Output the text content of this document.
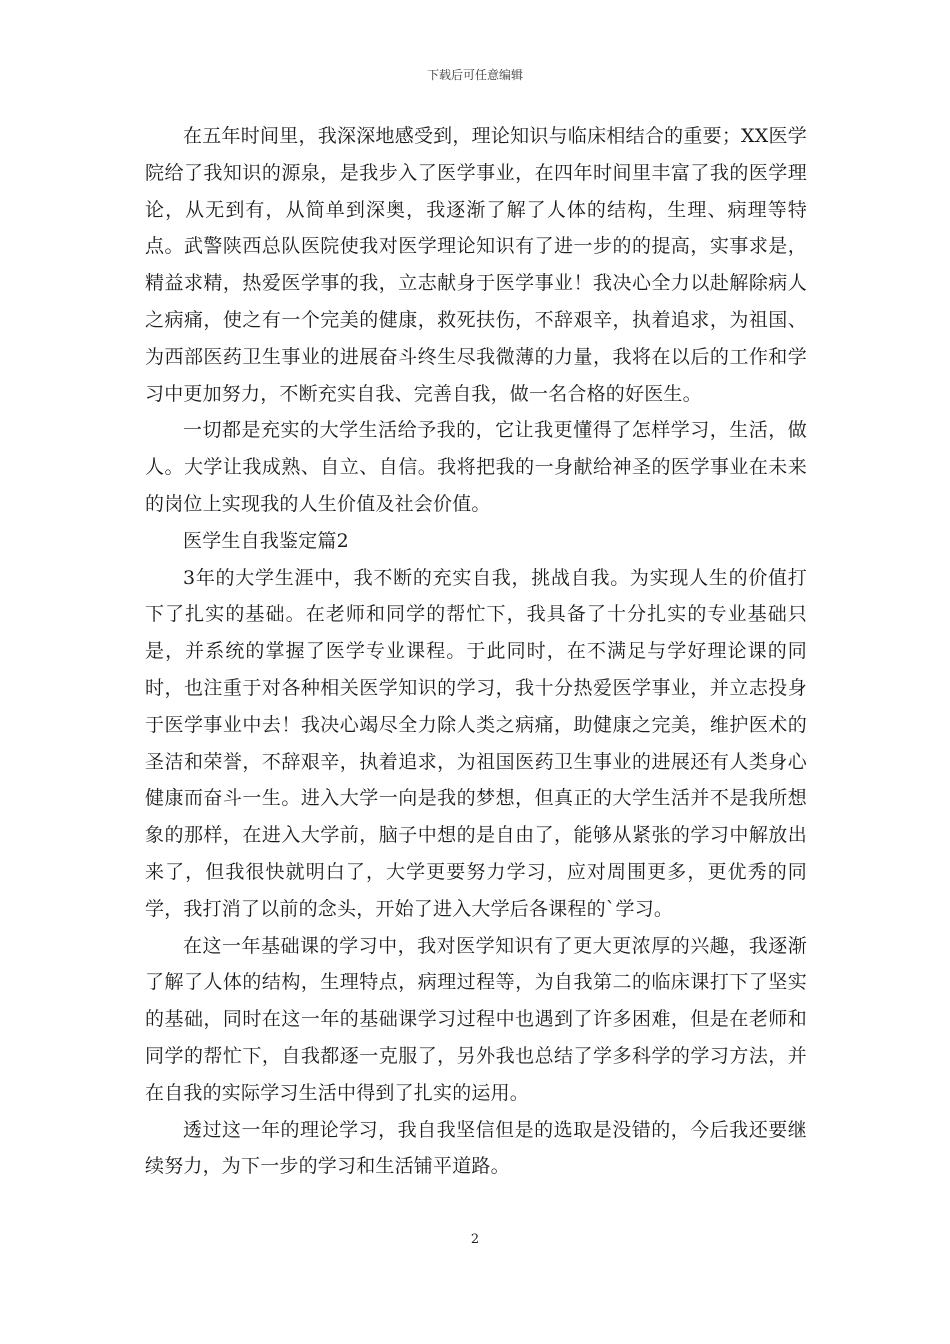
下载后可任意编辑

在五年时间里，我深深地感受到，理论知识与临床相结合的重要；XX医学院给了我知识的源泉，是我步入了医学事业，在四年时间里丰富了我的医学理论，从无到有，从简单到深奥，我逐渐了解了人体的结构，生理、病理等特点。武警陕西总队医院使我对医学理论知识有了进一步的的提高，实事求是，精益求精，热爱医学事的我，立志献身于医学事业！我决心全力以赴解除病人之病痛，使之有一个完美的健康，救死扶伤，不辞艰辛，执着追求，为祖国、为西部医药卫生事业的进展奋斗终生尽我微薄的力量，我将在以后的工作和学习中更加努力，不断充实自我、完善自我，做一名合格的好医生。

一切都是充实的大学生活给予我的，它让我更懂得了怎样学习，生活，做人。大学让我成熟、自立、自信。我将把我的一身献给神圣的医学事业在未来的岗位上实现我的人生价值及社会价值。

医学生自我鉴定篇2

3年的大学生涯中，我不断的充实自我，挑战自我。为实现人生的价值打下了扎实的基础。在老师和同学的帮忙下，我具备了十分扎实的专业基础只是，并系统的掌握了医学专业课程。于此同时，在不满足与学好理论课的同时，也注重于对各种相关医学知识的学习，我十分热爱医学事业，并立志投身于医学事业中去！我决心竭尽全力除人类之病痛，助健康之完美，维护医术的圣洁和荣誉，不辞艰辛，执着追求，为祖国医药卫生事业的进展还有人类身心健康而奋斗一生。进入大学一向是我的梦想，但真正的大学生活并不是我所想象的那样，在进入大学前，脑子中想的是自由了，能够从紧张的学习中解放出来了，但我很快就明白了，大学更要努力学习，应对周围更多，更优秀的同学，我打消了以前的念头，开始了进入大学后各课程的`学习。

在这一年基础课的学习中，我对医学知识有了更大更浓厚的兴趣，我逐渐了解了人体的结构，生理特点，病理过程等，为自我第二的临床课打下了坚实的基础，同时在这一年的基础课学习过程中也遇到了许多困难，但是在老师和同学的帮忙下，自我都逐一克服了，另外我也总结了学多科学的学习方法，并在自我的实际学习生活中得到了扎实的运用。

透过这一年的理论学习，我自我坚信但是的选取是没错的，今后我还要继续努力，为下一步的学习和生活铺平道路。

2
